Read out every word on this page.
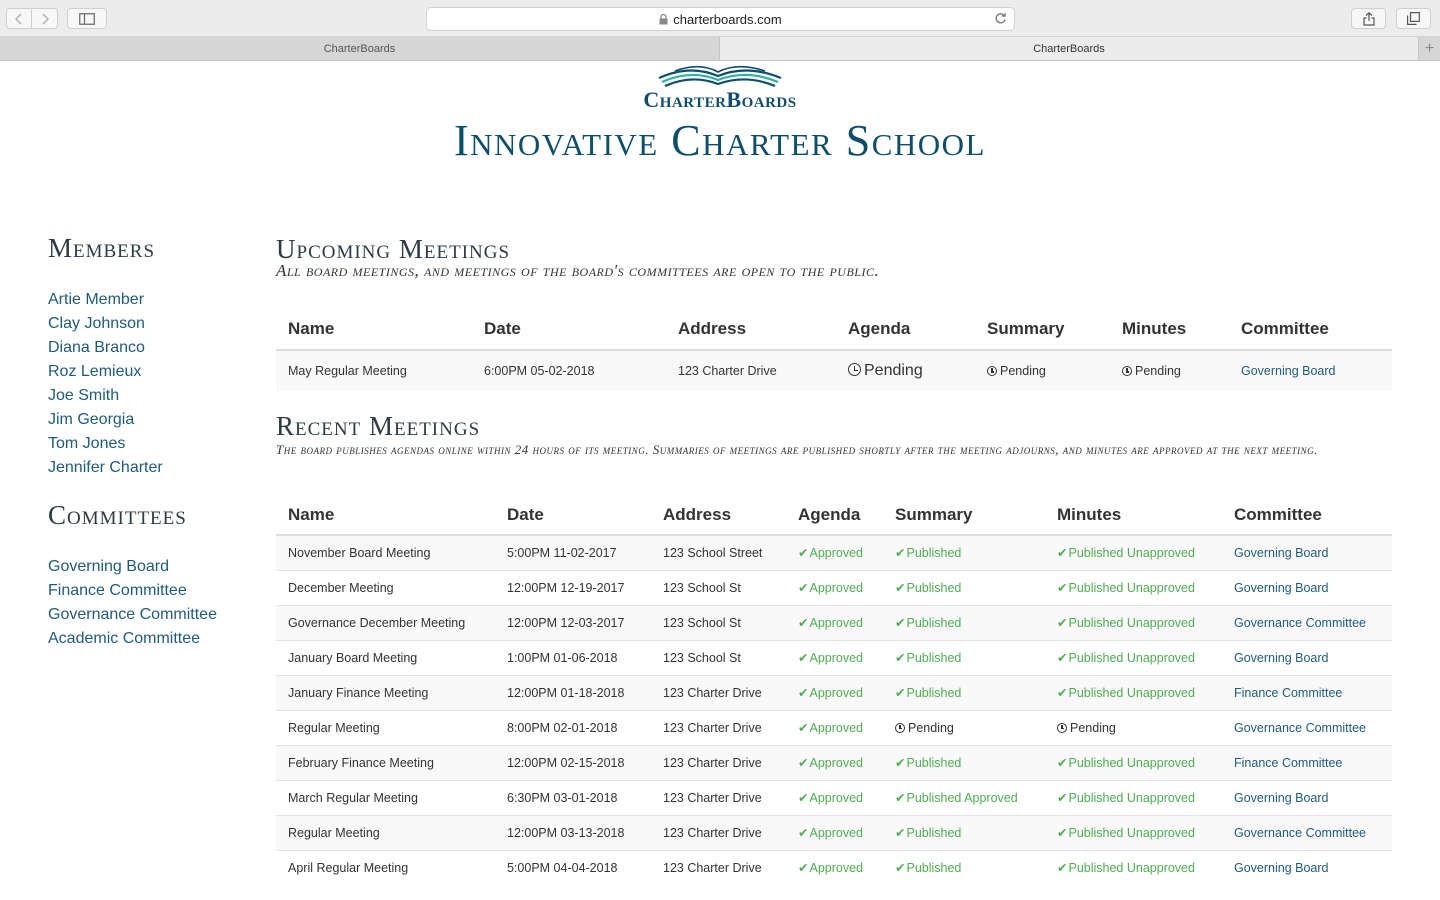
charterboards.com
CharterBoards	CharterBoards	+
CharterBoards
Innovative Charter School
Members
Artie Member
Clay Johnson
Diana Branco
Roz Lemieux
Joe Smith
Jim Georgia
Tom Jones
Jennifer Charter
Committees
Governing Board
Finance Committee
Governance Committee
Academic Committee
Upcoming Meetings
All board meetings, and meetings of the board's committees are open to the public.
Name	Date	Address	Agenda	Summary	Minutes	Committee
May Regular Meeting	6:00PM 05-02-2018	123 Charter Drive	Pending	Pending	Pending	Governing Board
Recent Meetings
The board publishes agendas online within 24 hours of its meeting. Summaries of meetings are published shortly after the meeting adjourns, and minutes are approved at the next meeting.
Name	Date	Address	Agenda	Summary	Minutes	Committee
November Board Meeting	5:00PM 11-02-2017	123 School Street	✔Approved	✔Published	✔Published Unapproved	Governing Board
December Meeting	12:00PM 12-19-2017	123 School St	✔Approved	✔Published	✔Published Unapproved	Governing Board
Governance December Meeting	12:00PM 12-03-2017	123 School St	✔Approved	✔Published	✔Published Unapproved	Governance Committee
January Board Meeting	1:00PM 01-06-2018	123 School St	✔Approved	✔Published	✔Published Unapproved	Governing Board
January Finance Meeting	12:00PM 01-18-2018	123 Charter Drive	✔Approved	✔Published	✔Published Unapproved	Finance Committee
Regular Meeting	8:00PM 02-01-2018	123 Charter Drive	✔Approved	Pending	Pending	Governance Committee
February Finance Meeting	12:00PM 02-15-2018	123 Charter Drive	✔Approved	✔Published	✔Published Unapproved	Finance Committee
March Regular Meeting	6:30PM 03-01-2018	123 Charter Drive	✔Approved	✔Published Approved	✔Published Unapproved	Governing Board
Regular Meeting	12:00PM 03-13-2018	123 Charter Drive	✔Approved	✔Published	✔Published Unapproved	Governance Committee
April Regular Meeting	5:00PM 04-04-2018	123 Charter Drive	✔Approved	✔Published	✔Published Unapproved	Governing Board
